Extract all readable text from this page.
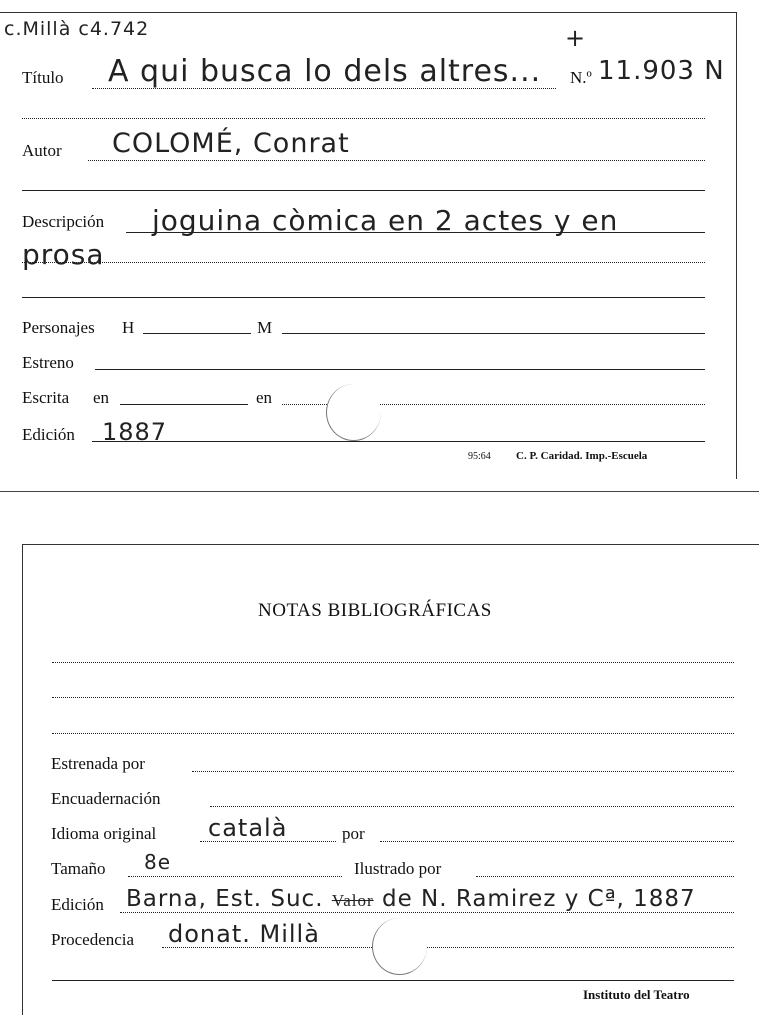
c.Millà c4.742	+
Título A qui busca lo dels altres... N.º 11.903 N
Autor COLOMÉ, Conrat
Descripción joguina còmica en 2 actes y en
prosa
Personajes H	M
Estreno
Escrita en	en
Edición 1887
95:64 C. P. Caridad. Imp.-Escuela
NOTAS BIBLIOGRÁFICAS
Estrenada por
Encuadernación
Idioma original català	por
Tamaño 8e	Ilustrado por
Edición Barna, Est. Suc. Valor de N. Ramirez y Cª, 1887
Procedencia donat. Millà
Instituto del Teatro
